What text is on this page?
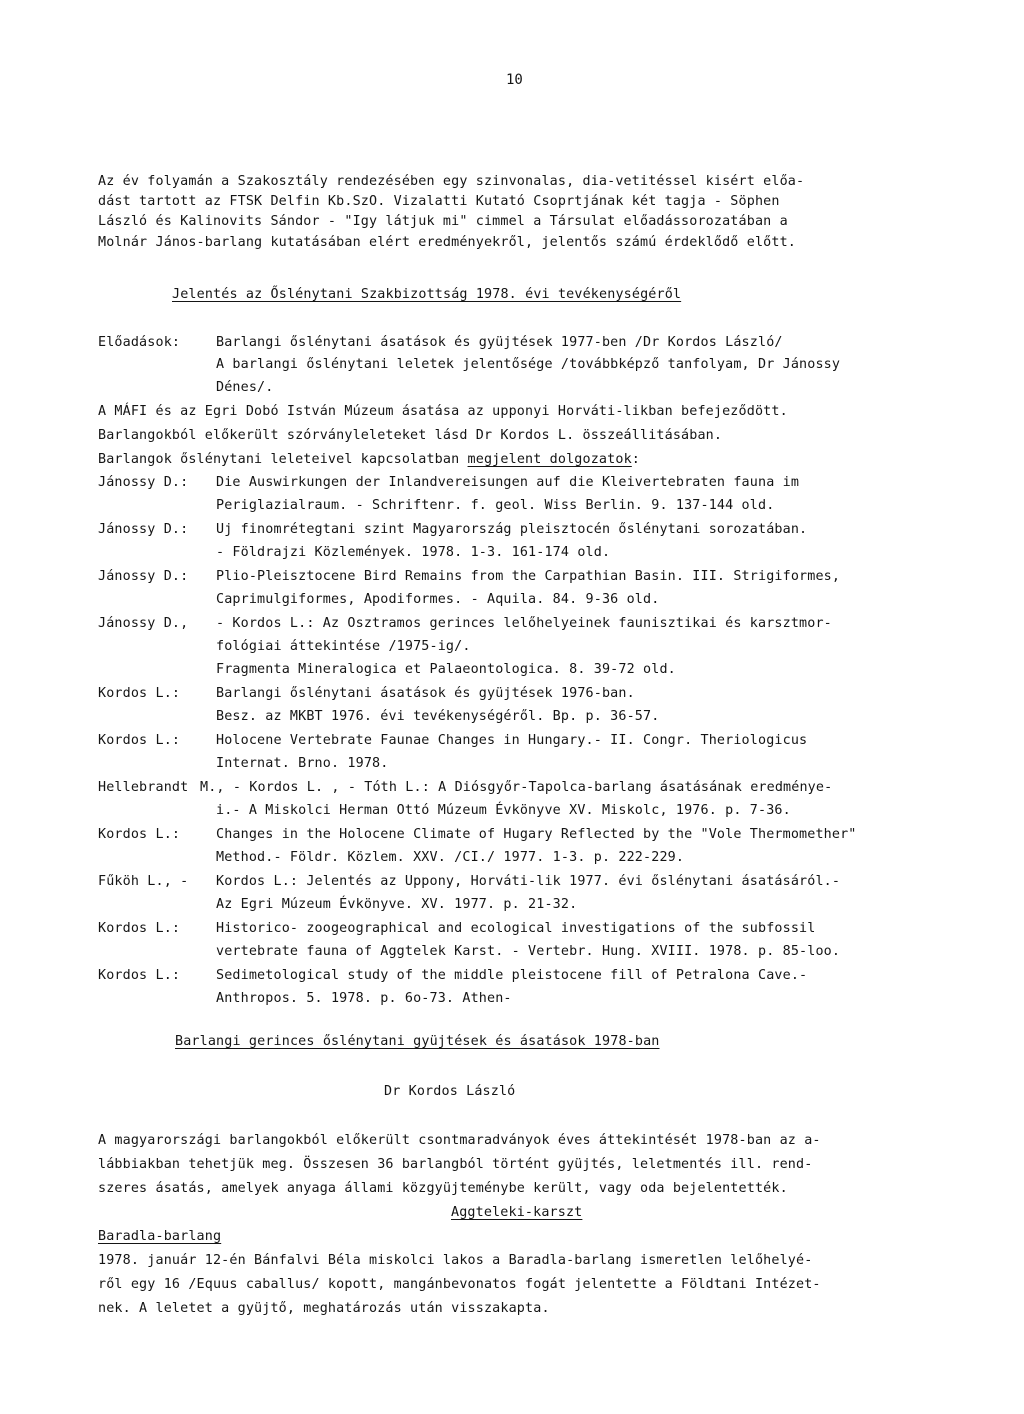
10
Az év folyamán a Szakosztály rendezésében egy szinvonalas, dia-vetitéssel kisért előa-
dást tartott az FTSK Delfin Kb.SzO. Vizalatti Kutató Csoprtjának két tagja - Söphen
László és Kalinovits Sándor - "Igy látjuk mi" cimmel a Társulat előadássorozatában a
Molnár János-barlang kutatásában elért eredményekről, jelentős számú érdeklődő előtt.
Jelentés az Őslénytani Szakbizottság 1978. évi tevékenységéről
Előadások:	Barlangi őslénytani ásatások és gyüjtések 1977-ben /Dr Kordos László/
A barlangi őslénytani leletek jelentősége /továbbképző tanfolyam, Dr Jánossy
Dénes/.
A MÁFI és az Egri Dobó István Múzeum ásatása az upponyi Horváti-likban befejeződött.
Barlangokból előkerült szórványleleteket lásd Dr Kordos L. összeállitásában.
Barlangok őslénytani leleteivel kapcsolatban megjelent dolgozatok:
Jánossy D.: Die Auswirkungen der Inlandvereisungen auf die Kleivertebraten fauna im
Periglazialraum. - Schriftenr. f. geol. Wiss Berlin. 9. 137-144 old.
Jánossy D.: Uj finomrétegtani szint Magyarország pleisztocén őslénytani sorozatában.
- Földrajzi Közlemények. 1978. 1-3. 161-174 old.
Jánossy D.: Plio-Pleisztocene Bird Remains from the Carpathian Basin. III. Strigiformes,
Caprimulgiformes, Apodiformes. - Aquila. 84. 9-36 old.
Jánossy D., - Kordos L.: Az Osztramos gerinces lelőhelyeinek faunisztikai és karsztmor-
fológiai áttekintése /1975-ig/.
Fragmenta Mineralogica et Palaeontologica. 8. 39-72 old.
Kordos L.:	Barlangi őslénytani ásatások és gyüjtések 1976-ban.
Besz. az MKBT 1976. évi tevékenységéről. Bp. p. 36-57.
Kordos L.:	Holocene Vertebrate Faunae Changes in Hungary.- II. Congr. Theriologicus
Internat. Brno. 1978.
Hellebrandt M., - Kordos L. , - Tóth L.: A Diósgyőr-Tapolca-barlang ásatásának eredménye-
i.- A Miskolci Herman Ottó Múzeum Évkönyve XV. Miskolc, 1976. p. 7-36.
Kordos L.:	Changes in the Holocene Climate of Hugary Reflected by the "Vole Thermomether"
Method.- Földr. Közlem. XXV. /CI./ 1977. 1-3. p. 222-229.
Fűköh L., - Kordos L.: Jelentés az Uppony, Horváti-lik 1977. évi őslénytani ásatásáról.-
Az Egri Múzeum Évkönyve. XV. 1977. p. 21-32.
Kordos L.:	Historico- zoogeographical and ecological investigations of the subfossil
vertebrate fauna of Aggtelek Karst. - Vertebr. Hung. XVIII. 1978. p. 85-loo.
Kordos L.:	Sedimetological study of the middle pleistocene fill of Petralona Cave.-
Anthropos. 5. 1978. p. 6o-73. Athen-
Barlangi gerinces őslénytani gyüjtések és ásatások 1978-ban
Dr Kordos László
A magyarországi barlangokból előkerült csontmaradványok éves áttekintését 1978-ban az a-
lábbiakban tehetjük meg. Összesen 36 barlangból történt gyüjtés, leletmentés ill. rend-
szeres ásatás, amelyek anyaga állami közgyüjteménybe került, vagy oda bejelentették.
Aggteleki-karszt
Baradla-barlang
1978. január 12-én Bánfalvi Béla miskolci lakos a Baradla-barlang ismeretlen lelőhelyé-
ről egy 16 /Equus caballus/ kopott, mangánbevonatos fogát jelentette a Földtani Intézet-
nek. A leletet a gyüjtő, meghatározás után visszakapta.
